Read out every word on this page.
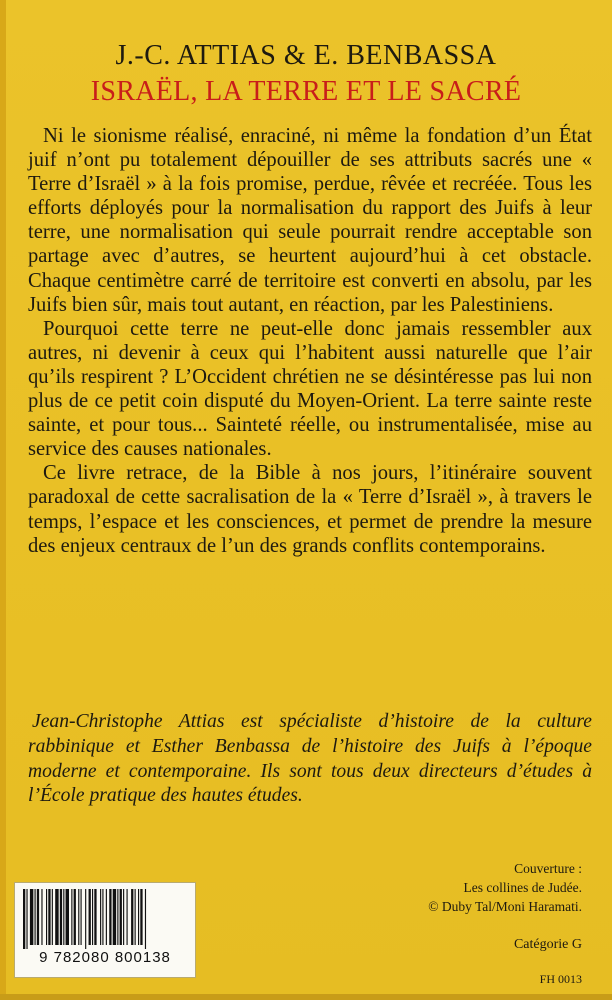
J.-C. ATTIAS & E. BENBASSA
ISRAËL, LA TERRE ET LE SACRÉ

Ni le sionisme réalisé, enraciné, ni même la fondation d’un État juif n’ont pu totalement dépouiller de ses attributs sacrés une « Terre d’Israël » à la fois promise, perdue, rêvée et recréée. Tous les efforts déployés pour la normalisation du rapport des Juifs à leur terre, une normalisation qui seule pourrait rendre acceptable son partage avec d’autres, se heurtent aujourd’hui à cet obstacle. Chaque centimètre carré de territoire est converti en absolu, par les Juifs bien sûr, mais tout autant, en réaction, par les Palestiniens.

Pourquoi cette terre ne peut-elle donc jamais ressembler aux autres, ni devenir à ceux qui l’habitent aussi naturelle que l’air qu’ils respirent ? L’Occident chrétien ne se désintéresse pas lui non plus de ce petit coin disputé du Moyen-Orient. La terre sainte reste sainte, et pour tous... Sainteté réelle, ou instrumentalisée, mise au service des causes nationales.

Ce livre retrace, de la Bible à nos jours, l’itinéraire souvent paradoxal de cette sacralisation de la « Terre d’Israël », à travers le temps, l’espace et les consciences, et permet de prendre la mesure des enjeux centraux de l’un des grands conflits contemporains.

Jean-Christophe Attias est spécialiste d’histoire de la culture rabbinique et Esther Benbassa de l’histoire des Juifs à l’époque moderne et contemporaine. Ils sont tous deux directeurs d’études à l’École pratique des hautes études.
Couverture :
Les collines de Judée.
© Duby Tal/Moni Haramati.
9 782080 800138
Catégorie G
FH 0013
